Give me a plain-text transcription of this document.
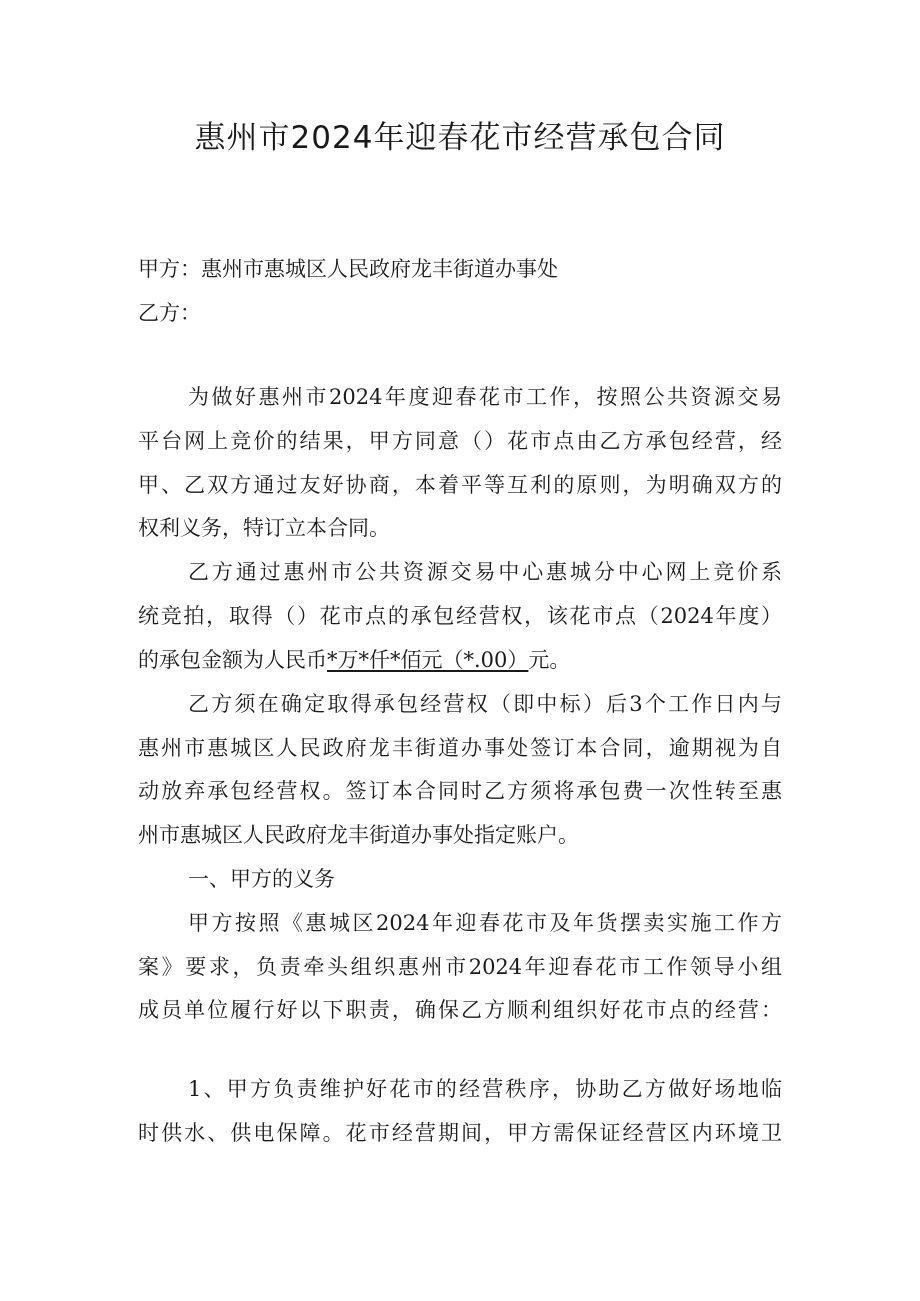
惠州市2024年迎春花市经营承包合同
甲方：惠州市惠城区人民政府龙丰街道办事处
乙方：
为做好惠州市2024年度迎春花市工作，按照公共资源交易
平台网上竞价的结果，甲方同意（）花市点由乙方承包经营，经
甲、乙双方通过友好协商，本着平等互利的原则，为明确双方的
权利义务，特订立本合同。
乙方通过惠州市公共资源交易中心惠城分中心网上竞价系
统竞拍，取得（）花市点的承包经营权，该花市点（2024年度）
的承包金额为人民币*万*仟*佰元（*.00）元。
乙方须在确定取得承包经营权（即中标）后3个工作日内与
惠州市惠城区人民政府龙丰街道办事处签订本合同，逾期视为自
动放弃承包经营权。签订本合同时乙方须将承包费一次性转至惠
州市惠城区人民政府龙丰街道办事处指定账户。
一、甲方的义务
甲方按照《惠城区2024年迎春花市及年货摆卖实施工作方
案》要求，负责牵头组织惠州市2024年迎春花市工作领导小组
成员单位履行好以下职责，确保乙方顺利组织好花市点的经营：
1、甲方负责维护好花市的经营秩序，协助乙方做好场地临
时供水、供电保障。花市经营期间，甲方需保证经营区内环境卫
